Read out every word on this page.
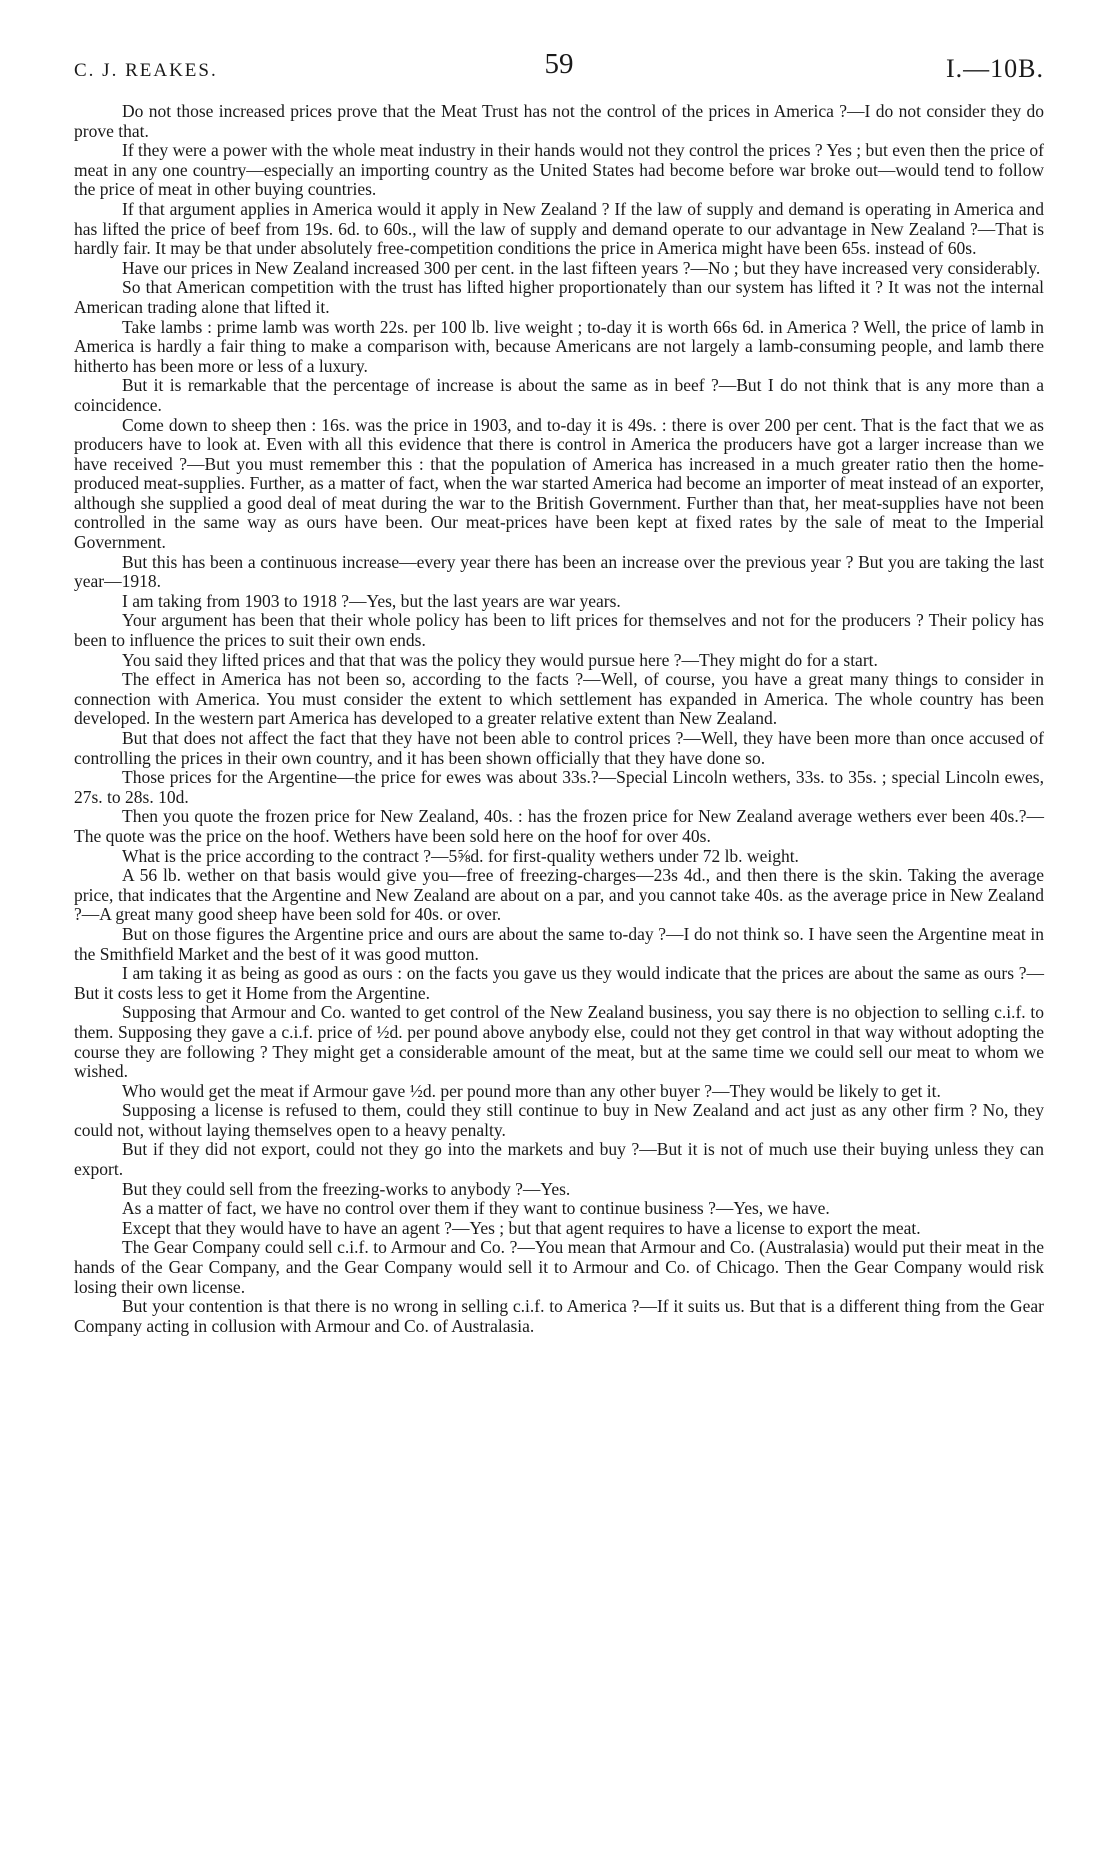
C. J. REAKES.	59	I.—10B.

Do not those increased prices prove that the Meat Trust has not the control of the prices in America ?—I do not consider they do prove that.

If they were a power with the whole meat industry in their hands would not they control the prices ? Yes ; but even then the price of meat in any one country—especially an importing country as the United States had become before war broke out—would tend to follow the price of meat in other buying countries.

If that argument applies in America would it apply in New Zealand ? If the law of supply and demand is operating in America and has lifted the price of beef from 19s. 6d. to 60s., will the law of supply and demand operate to our advantage in New Zealand ?—That is hardly fair. It may be that under absolutely free-competition conditions the price in America might have been 65s. instead of 60s.

Have our prices in New Zealand increased 300 per cent. in the last fifteen years ?—No ; but they have increased very considerably.

So that American competition with the trust has lifted higher proportionately than our system has lifted it ? It was not the internal American trading alone that lifted it.

Take lambs : prime lamb was worth 22s. per 100 lb. live weight ; to-day it is worth 66s 6d. in America ? Well, the price of lamb in America is hardly a fair thing to make a comparison with, because Americans are not largely a lamb-consuming people, and lamb there hitherto has been more or less of a luxury.

But it is remarkable that the percentage of increase is about the same as in beef ?—But I do not think that is any more than a coincidence.

Come down to sheep then : 16s. was the price in 1903, and to-day it is 49s. : there is over 200 per cent. That is the fact that we as producers have to look at. Even with all this evidence that there is control in America the producers have got a larger increase than we have received ?—But you must remember this : that the population of America has increased in a much greater ratio then the home-produced meat-supplies. Further, as a matter of fact, when the war started America had become an importer of meat instead of an exporter, although she supplied a good deal of meat during the war to the British Government. Further than that, her meat-supplies have not been controlled in the same way as ours have been. Our meat-prices have been kept at fixed rates by the sale of meat to the Imperial Government.

But this has been a continuous increase—every year there has been an increase over the previous year ? But you are taking the last year—1918.

I am taking from 1903 to 1918 ?—Yes, but the last years are war years.

Your argument has been that their whole policy has been to lift prices for themselves and not for the producers ? Their policy has been to influence the prices to suit their own ends.

You said they lifted prices and that that was the policy they would pursue here ?—They might do for a start.

The effect in America has not been so, according to the facts ?—Well, of course, you have a great many things to consider in connection with America. You must consider the extent to which settlement has expanded in America. The whole country has been developed. In the western part America has developed to a greater relative extent than New Zealand.

But that does not affect the fact that they have not been able to control prices ?—Well, they have been more than once accused of controlling the prices in their own country, and it has been shown officially that they have done so.

Those prices for the Argentine—the price for ewes was about 33s.?—Special Lincoln wethers, 33s. to 35s. ; special Lincoln ewes, 27s. to 28s. 10d.

Then you quote the frozen price for New Zealand, 40s. : has the frozen price for New Zealand average wethers ever been 40s.?—The quote was the price on the hoof. Wethers have been sold here on the hoof for over 40s.

What is the price according to the contract ?—5⅝d. for first-quality wethers under 72 lb. weight.

A 56 lb. wether on that basis would give you—free of freezing-charges—23s 4d., and then there is the skin. Taking the average price, that indicates that the Argentine and New Zealand are about on a par, and you cannot take 40s. as the average price in New Zealand ?—A great many good sheep have been sold for 40s. or over.

But on those figures the Argentine price and ours are about the same to-day ?—I do not think so. I have seen the Argentine meat in the Smithfield Market and the best of it was good mutton.

I am taking it as being as good as ours : on the facts you gave us they would indicate that the prices are about the same as ours ?—But it costs less to get it Home from the Argentine.

Supposing that Armour and Co. wanted to get control of the New Zealand business, you say there is no objection to selling c.i.f. to them. Supposing they gave a c.i.f. price of ½d. per pound above anybody else, could not they get control in that way without adopting the course they are following ? They might get a considerable amount of the meat, but at the same time we could sell our meat to whom we wished.

Who would get the meat if Armour gave ½d. per pound more than any other buyer ?—They would be likely to get it.

Supposing a license is refused to them, could they still continue to buy in New Zealand and act just as any other firm ? No, they could not, without laying themselves open to a heavy penalty.

But if they did not export, could not they go into the markets and buy ?—But it is not of much use their buying unless they can export.

But they could sell from the freezing-works to anybody ?—Yes.

As a matter of fact, we have no control over them if they want to continue business ?—Yes, we have.

Except that they would have to have an agent ?—Yes ; but that agent requires to have a license to export the meat.

The Gear Company could sell c.i.f. to Armour and Co. ?—You mean that Armour and Co. (Australasia) would put their meat in the hands of the Gear Company, and the Gear Company would sell it to Armour and Co. of Chicago. Then the Gear Company would risk losing their own license.

But your contention is that there is no wrong in selling c.i.f. to America ?—If it suits us. But that is a different thing from the Gear Company acting in collusion with Armour and Co. of Australasia.
